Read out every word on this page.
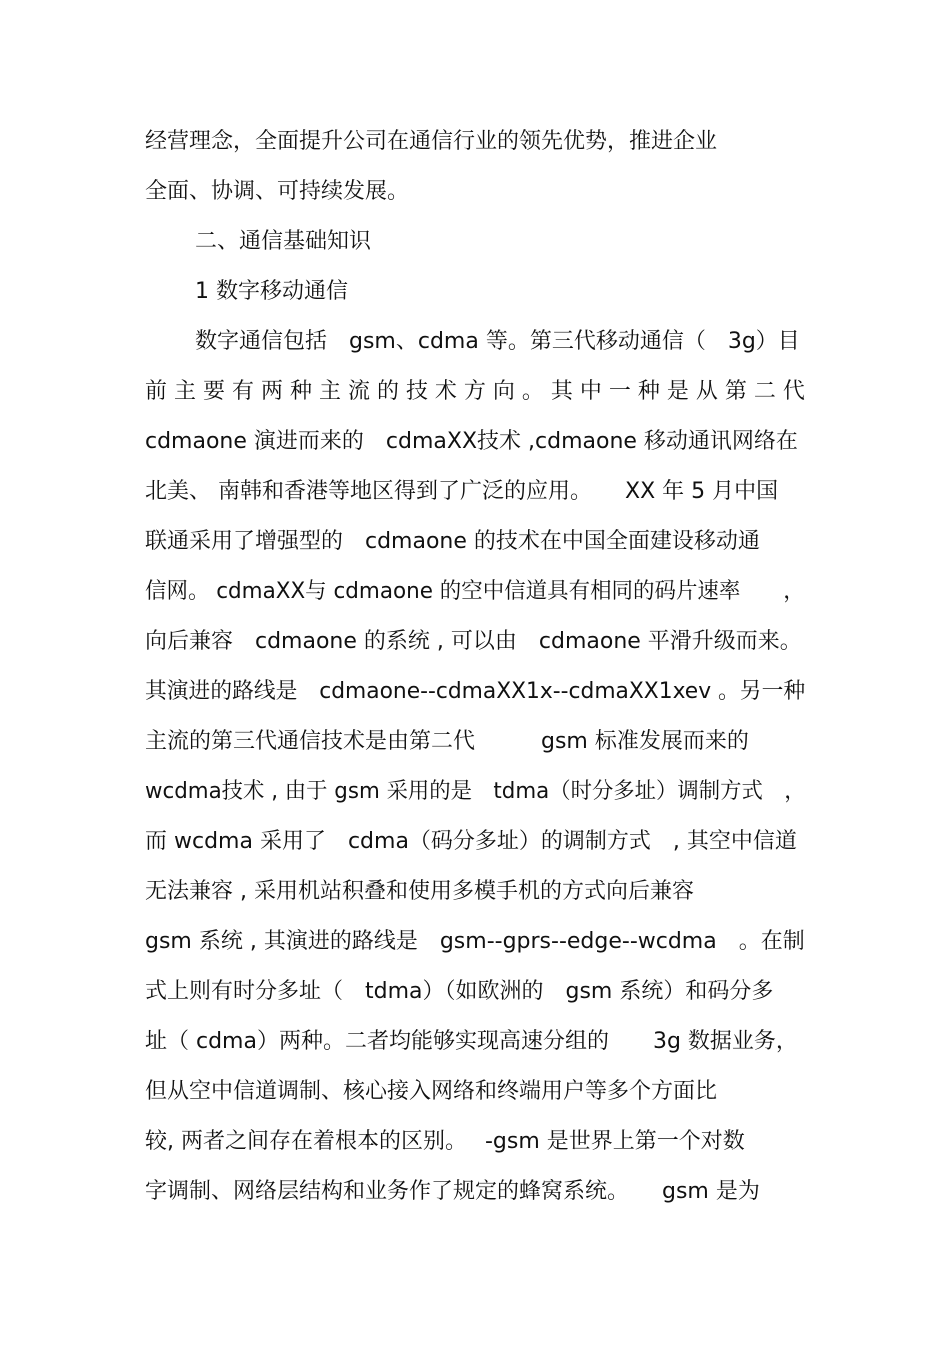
经营理念，全面提升公司在通信行业的领先优势，推进企业

全面、协调、可持续发展。

二、通信基础知识

1 数字移动通信

数字通信包括　gsm、cdma 等。第三代移动通信（　3g）目

前 主 要 有 两 种 主 流 的 技 术 方 向 。 其 中 一 种 是 从 第 二 代

cdmaone 演进而来的　cdmaXX技术 ,cdmaone 移动通讯网络在

北美、 南韩和香港等地区得到了广泛的应用。　　XX 年 5 月中国

联通采用了增强型的　cdmaone 的技术在中国全面建设移动通

信网。 cdmaXX与 cdmaone 的空中信道具有相同的码片速率　　，

向后兼容　cdmaone 的系统 , 可以由　cdmaone 平滑升级而来。

其演进的路线是　cdmaone--cdmaXX1x--cdmaXX1xev 。另一种

主流的第三代通信技术是由第二代　　　gsm 标准发展而来的

wcdma技术 , 由于 gsm 采用的是　tdma（时分多址）调制方式　，

而 wcdma 采用了　cdma（码分多址）的调制方式　, 其空中信道

无法兼容 , 采用机站积叠和使用多模手机的方式向后兼容

gsm 系统 , 其演进的路线是　gsm--gprs--edge--wcdma　。在制

式上则有时分多址（　tdma）（如欧洲的　gsm 系统）和码分多

址（ cdma）两种。二者均能够实现高速分组的　　3g 数据业务，

但从空中信道调制、核心接入网络和终端用户等多个方面比

较, 两者之间存在着根本的区别。　 -gsm 是世界上第一个对数

字调制、网络层结构和业务作了规定的蜂窝系统。　　gsm 是为
